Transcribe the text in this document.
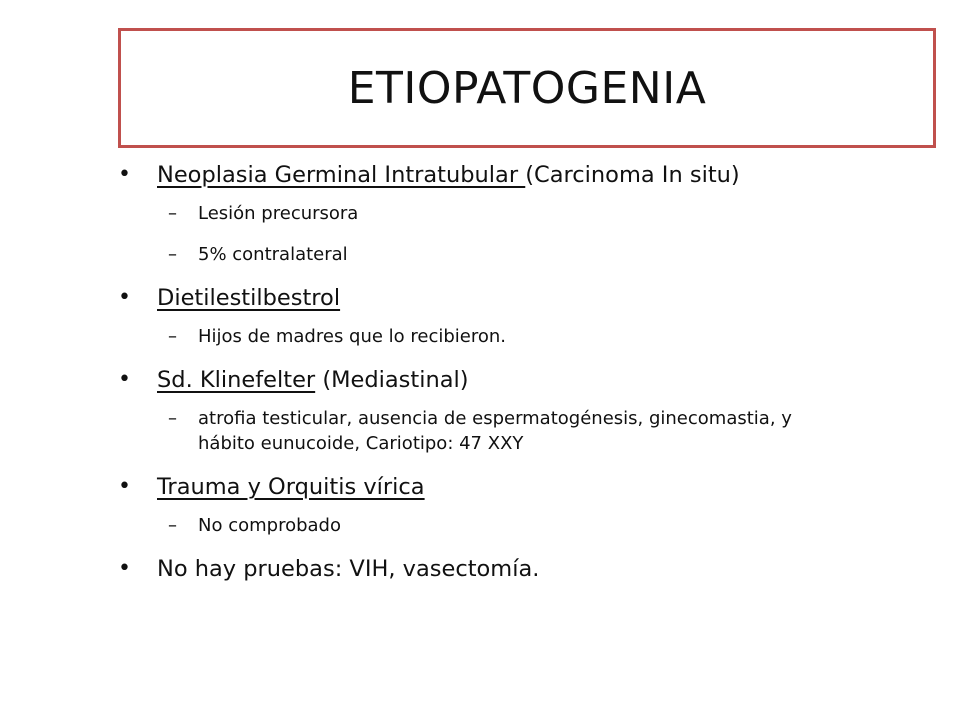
ETIOPATOGENIA
• Neoplasia Germinal Intratubular (Carcinoma In situ)
– Lesión precursora
– 5% contralateral
• Dietilestilbestrol
– Hijos de madres que lo recibieron.
• Sd. Klinefelter (Mediastinal)
– atrofia testicular, ausencia de espermatogénesis, ginecomastia, y hábito eunucoide, Cariotipo: 47 XXY
• Trauma y Orquitis vírica
– No comprobado
• No hay pruebas: VIH, vasectomía.
